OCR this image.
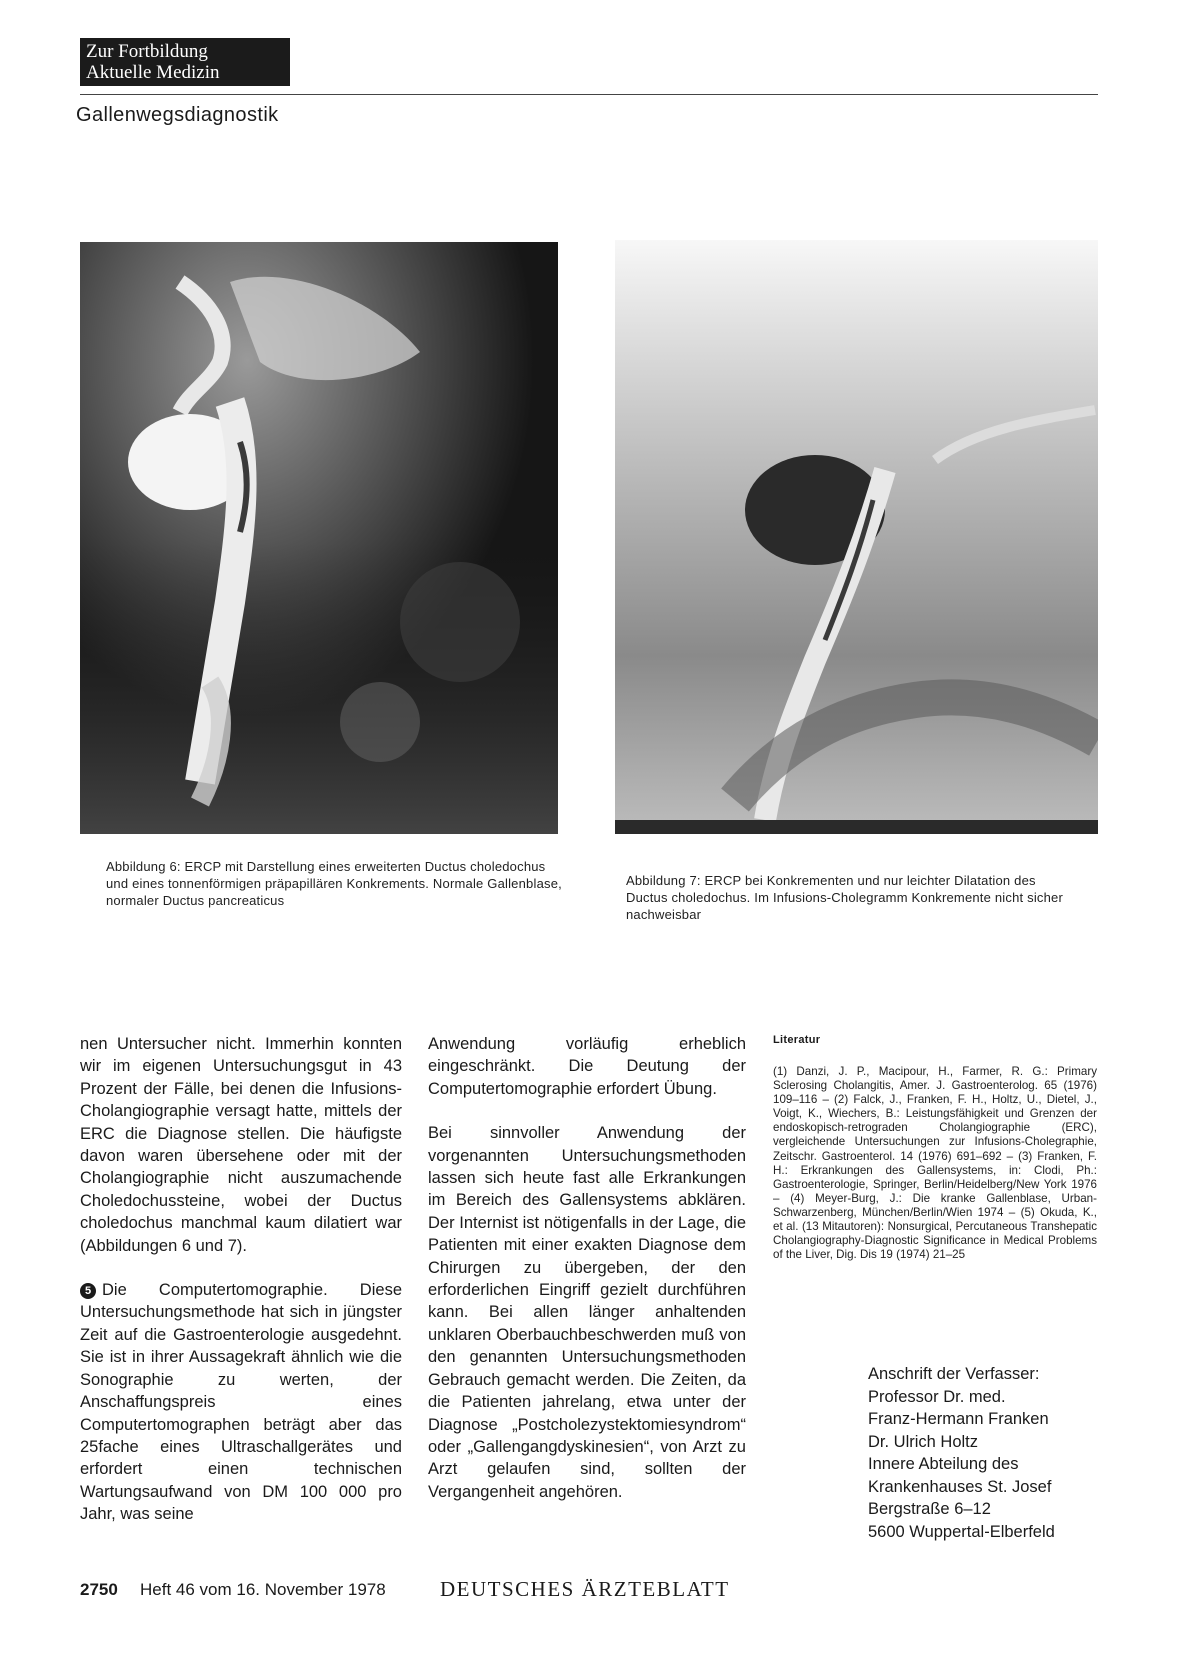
Zur Fortbildung
Aktuelle Medizin
Gallenwegsdiagnostik
Abbildung 6: ERCP mit Darstellung eines erweiterten Ductus choledochus und eines tonnenförmigen präpapillären Konkrements. Normale Gallenblase, normaler Ductus pancreaticus
Abbildung 7: ERCP bei Konkrementen und nur leichter Dilatation des Ductus choledochus. Im Infusions-Cholegramm Konkremente nicht sicher nachweisbar

nen Untersucher nicht. Immerhin konnten wir im eigenen Untersuchungsgut in 43 Prozent der Fälle, bei denen die Infusions-Cholangiographie versagt hatte, mittels der ERC die Diagnose stellen. Die häufigste davon waren übersehene oder mit der Cholangiographie nicht auszumachende Choledochussteine, wobei der Ductus choledochus manchmal kaum dilatiert war (Abbildungen 6 und 7).

5 Die Computertomographie. Diese Untersuchungsmethode hat sich in jüngster Zeit auf die Gastroenterologie ausgedehnt. Sie ist in ihrer Aussagekraft ähnlich wie die Sonographie zu werten, der Anschaffungspreis eines Computertomographen beträgt aber das 25fache eines Ultraschallgerätes und erfordert einen technischen Wartungsaufwand von DM 100 000 pro Jahr, was seine

Anwendung vorläufig erheblich eingeschränkt. Die Deutung der Computertomographie erfordert Übung.

Bei sinnvoller Anwendung der vorgenannten Untersuchungsmethoden lassen sich heute fast alle Erkrankungen im Bereich des Gallensystems abklären. Der Internist ist nötigenfalls in der Lage, die Patienten mit einer exakten Diagnose dem Chirurgen zu übergeben, der den erforderlichen Eingriff gezielt durchführen kann. Bei allen länger anhaltenden unklaren Oberbauchbeschwerden muß von den genannten Untersuchungsmethoden Gebrauch gemacht werden. Die Zeiten, da die Patienten jahrelang, etwa unter der Diagnose „Postcholezystektomiesyndrom“ oder „Gallengangdyskinesien“, von Arzt zu Arzt gelaufen sind, sollten der Vergangenheit angehören.

Literatur
(1) Danzi, J. P., Macipour, H., Farmer, R. G.: Primary Sclerosing Cholangitis, Amer. J. Gastroenterolog. 65 (1976) 109–116 – (2) Falck, J., Franken, F. H., Holtz, U., Dietel, J., Voigt, K., Wiechers, B.: Leistungsfähigkeit und Grenzen der endoskopisch-retrograden Cholangiographie (ERC), vergleichende Untersuchungen zur Infusions-Cholegraphie, Zeitschr. Gastroenterol. 14 (1976) 691–692 – (3) Franken, F. H.: Erkrankungen des Gallensystems, in: Clodi, Ph.: Gastroenterologie, Springer, Berlin/Heidelberg/New York 1976 – (4) Meyer-Burg, J.: Die kranke Gallenblase, Urban-Schwarzenberg, München/Berlin/Wien 1974 – (5) Okuda, K., et al. (13 Mitautoren): Nonsurgical, Percutaneous Transhepatic Cholangiography-Diagnostic Significance in Medical Problems of the Liver, Dig. Dis 19 (1974) 21–25
Anschrift der Verfasser:
Professor Dr. med.
Franz-Hermann Franken
Dr. Ulrich Holtz
Innere Abteilung des
Krankenhauses St. Josef
Bergstraße 6–12
5600 Wuppertal-Elberfeld
2750 Heft 46 vom 16. November 1978	DEUTSCHES ÄRZTEBLATT
